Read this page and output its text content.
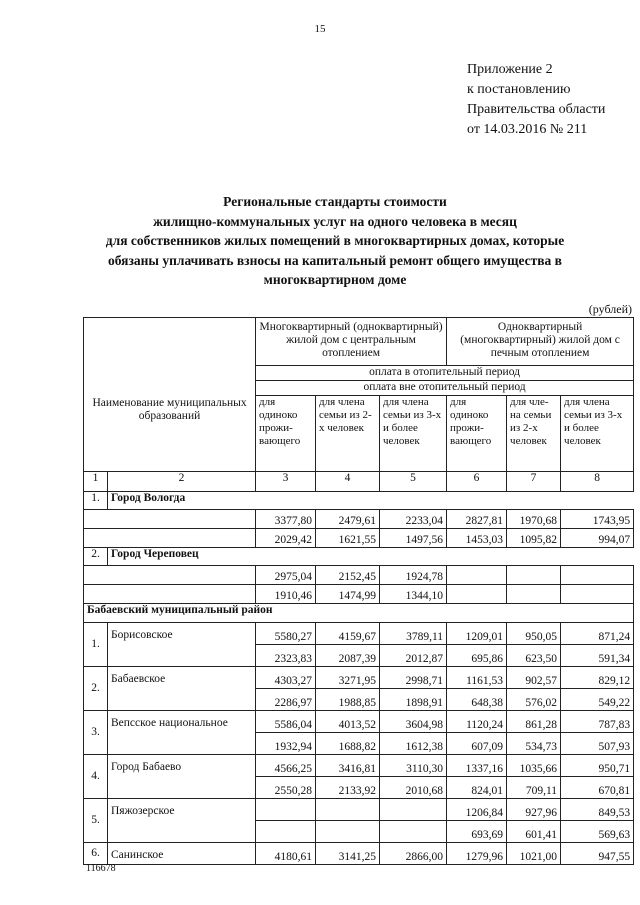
15
Приложение 2
к постановлению
Правительства области
от 14.03.2016 № 211
Региональные стандарты стоимости
жилищно-коммунальных услуг на одного человека в месяц
для собственников жилых помещений в многоквартирных домах, которые
обязаны уплачивать взносы на капитальный ремонт общего имущества в
многоквартирном доме
(рублей)
Наименование муниципальных образований		Многоквартирный (одноквартирный) жилой дом с центральным отоплением			Одноквартирный (многоквартирный) жилой дом с печным отоплением		
		оплата в отопительный период					
		оплата вне отопительный период					
		для одиноко прожи-вающего	для члена семьи из 2-х человек	для члена семьи из 3-х и более человек	для одиноко прожи-вающего	для чле-на семьи из 2-х человек	для члена семьи из 3-х и более человек
1	2	3	4	5	6	7	8
1.	Город Вологда						
		3377,80	2479,61	2233,04	2827,81	1970,68	1743,95
		2029,42	1621,55	1497,56	1453,03	1095,82	994,07
2.	Город Череповец						
		2975,04	2152,45	1924,78			
		1910,46	1474,99	1344,10			
Бабаевский муниципальный район							
1.	Борисовское	5580,27	4159,67	3789,11	1209,01	950,05	871,24
		2323,83	2087,39	2012,87	695,86	623,50	591,34
2.	Бабаевское	4303,27	3271,95	2998,71	1161,53	902,57	829,12
		2286,97	1988,85	1898,91	648,38	576,02	549,22
3.	Вепсское национальное	5586,04	4013,52	3604,98	1120,24	861,28	787,83
		1932,94	1688,82	1612,38	607,09	534,73	507,93
4.	Город Бабаево	4566,25	3416,81	3110,30	1337,16	1035,66	950,71
		2550,28	2133,92	2010,68	824,01	709,11	670,81
5.	Пяжозерское				1206,84	927,96	849,53
					693,69	601,41	569,63
6.	Санинское	4180,61	3141,25	2866,00	1279,96	1021,00	947,55
116678
